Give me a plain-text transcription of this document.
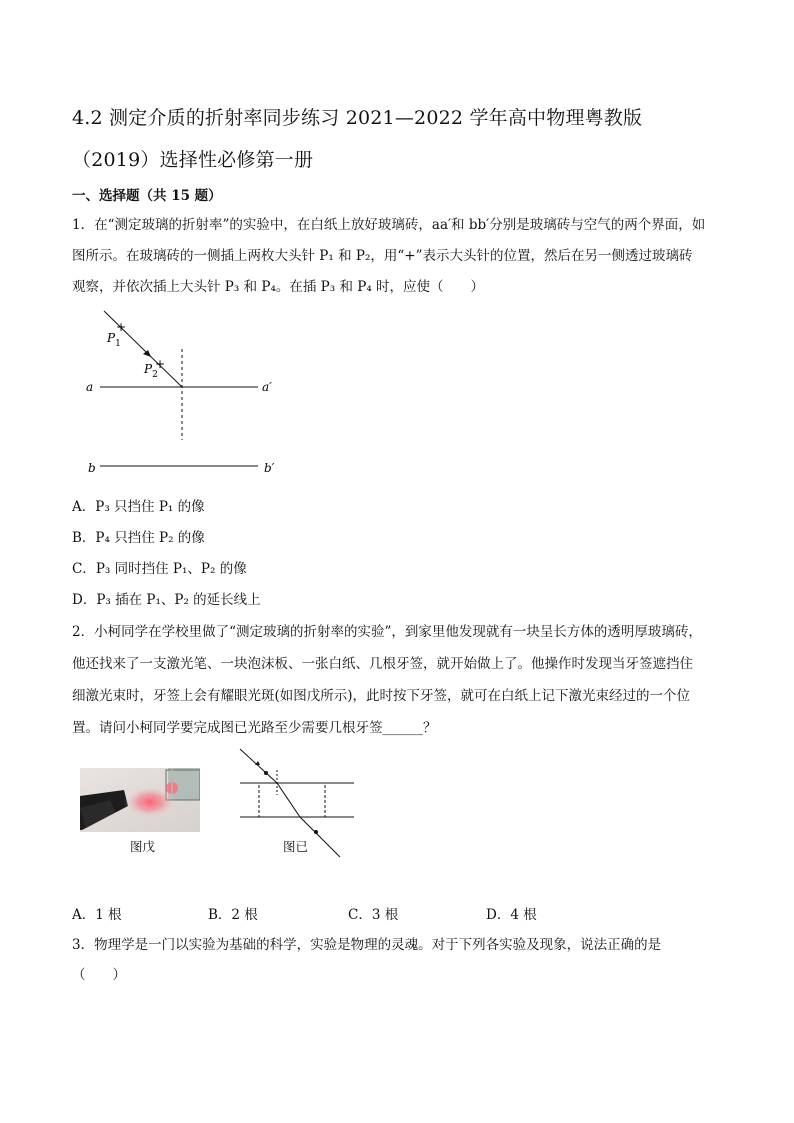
4.2 测定介质的折射率同步练习 2021—2022 学年高中物理粤教版
（2019）选择性必修第一册
一、选择题（共 15 题）
1．在“测定玻璃的折射率”的实验中，在白纸上放好玻璃砖，aa′和 bb′分别是玻璃砖与空气的两个界面，如
图所示。在玻璃砖的一侧插上两枚大头针 P₁ 和 P₂，用“+”表示大头针的位置，然后在另一侧透过玻璃砖
观察，并依次插上大头针 P₃ 和 P₄。在插 P₃ 和 P₄ 时，应使（　　）
+
+
$P_1$
$P_2$
a	a′
b	b′
A．P₃ 只挡住 P₁ 的像
B．P₄ 只挡住 P₂ 的像
C．P₃ 同时挡住 P₁、P₂ 的像
D．P₃ 插在 P₁、P₂ 的延长线上
2．小柯同学在学校里做了“测定玻璃的折射率的实验”，到家里他发现就有一块呈长方体的透明厚玻璃砖，
他还找来了一支激光笔、一块泡沫板、一张白纸、几根牙签，就开始做上了。他操作时发现当牙签遮挡住
细激光束时，牙签上会有耀眼光斑(如图戊所示)，此时按下牙签，就可在白纸上记下激光束经过的一个位
置。请问小柯同学要完成图已光路至少需要几根牙签______？
图戊	图已
A．1 根	B．2 根	C．3 根	D．4 根
3．物理学是一门以实验为基础的科学，实验是物理的灵魂。对于下列各实验及现象，说法正确的是
（　　）
